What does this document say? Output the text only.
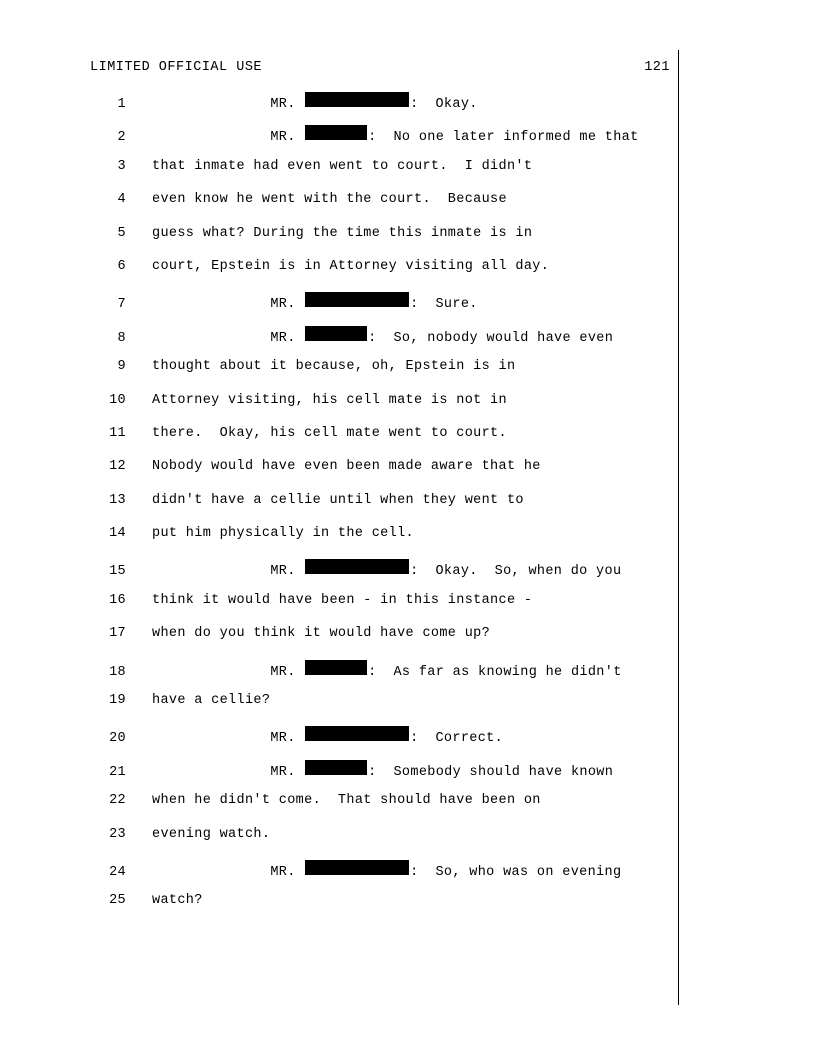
LIMITED OFFICIAL USE	121
1 MR.	:  Okay.
2 MR.	:  No one later informed me that
3 that inmate had even went to court.  I didn't
4 even know he went with the court.  Because
5 guess what? During the time this inmate is in
6 court, Epstein is in Attorney visiting all day.
7 MR.	:  Sure.
8 MR.	:  So, nobody would have even
9 thought about it because, oh, Epstein is in
10 Attorney visiting, his cell mate is not in
11 there.  Okay, his cell mate went to court.
12 Nobody would have even been made aware that he
13 didn't have a cellie until when they went to
14 put him physically in the cell.
15 MR.	:  Okay.  So, when do you
16 think it would have been - in this instance -
17 when do you think it would have come up?
18 MR.	:  As far as knowing he didn't
19 have a cellie?
20 MR.	:  Correct.
21 MR.	:  Somebody should have known
22 when he didn't come.  That should have been on
23 evening watch.
24 MR.	:  So, who was on evening
25 watch?
